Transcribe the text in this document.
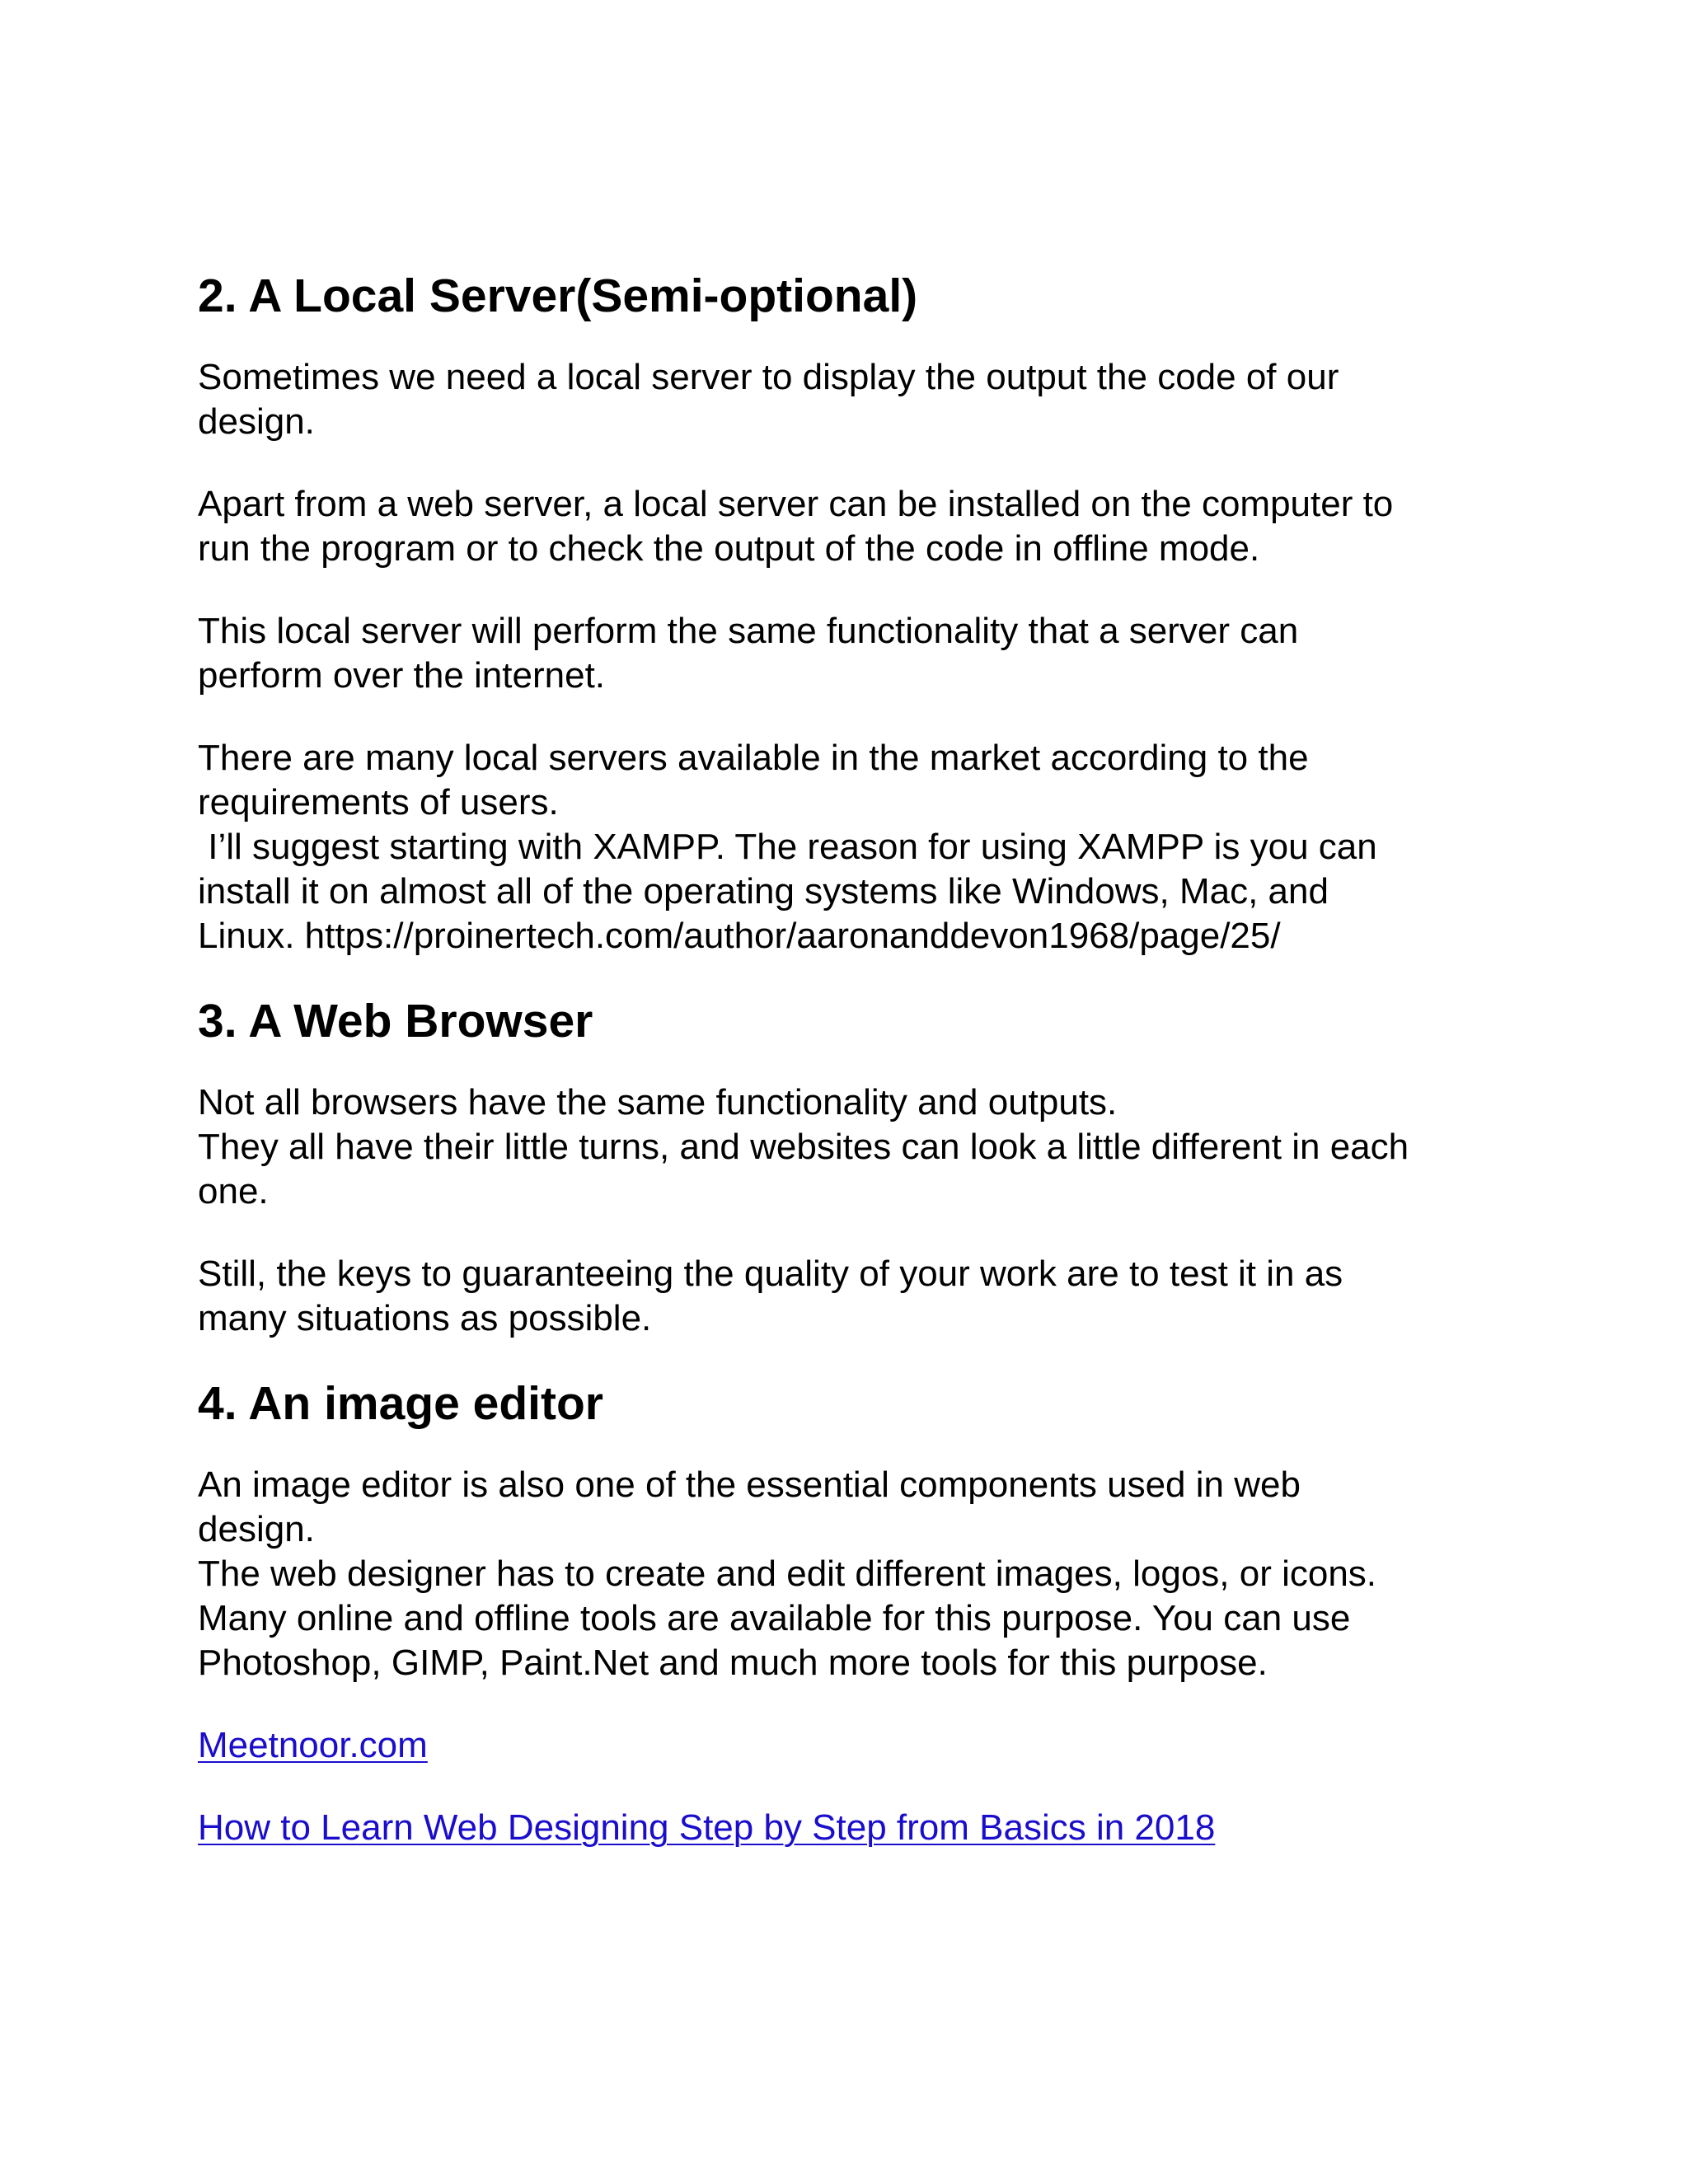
2. A Local Server(Semi-optional)

Sometimes we need a local server to display the output the code of our
design.

Apart from a web server, a local server can be installed on the computer to
run the program or to check the output of the code in offline mode.

This local server will perform the same functionality that a server can
perform over the internet.

There are many local servers available in the market according to the
requirements of users.
I’ll suggest starting with XAMPP. The reason for using XAMPP is you can
install it on almost all of the operating systems like Windows, Mac, and
Linux. https://proinertech.com/author/aaronanddevon1968/page/25/

3. A Web Browser

Not all browsers have the same functionality and outputs.
They all have their little turns, and websites can look a little different in each
one.

Still, the keys to guaranteeing the quality of your work are to test it in as
many situations as possible.

4. An image editor

An image editor is also one of the essential components used in web
design.
The web designer has to create and edit different images, logos, or icons.
Many online and offline tools are available for this purpose. You can use
Photoshop, GIMP, Paint.Net and much more tools for this purpose.

Meetnoor.com

How to Learn Web Designing Step by Step from Basics in 2018
